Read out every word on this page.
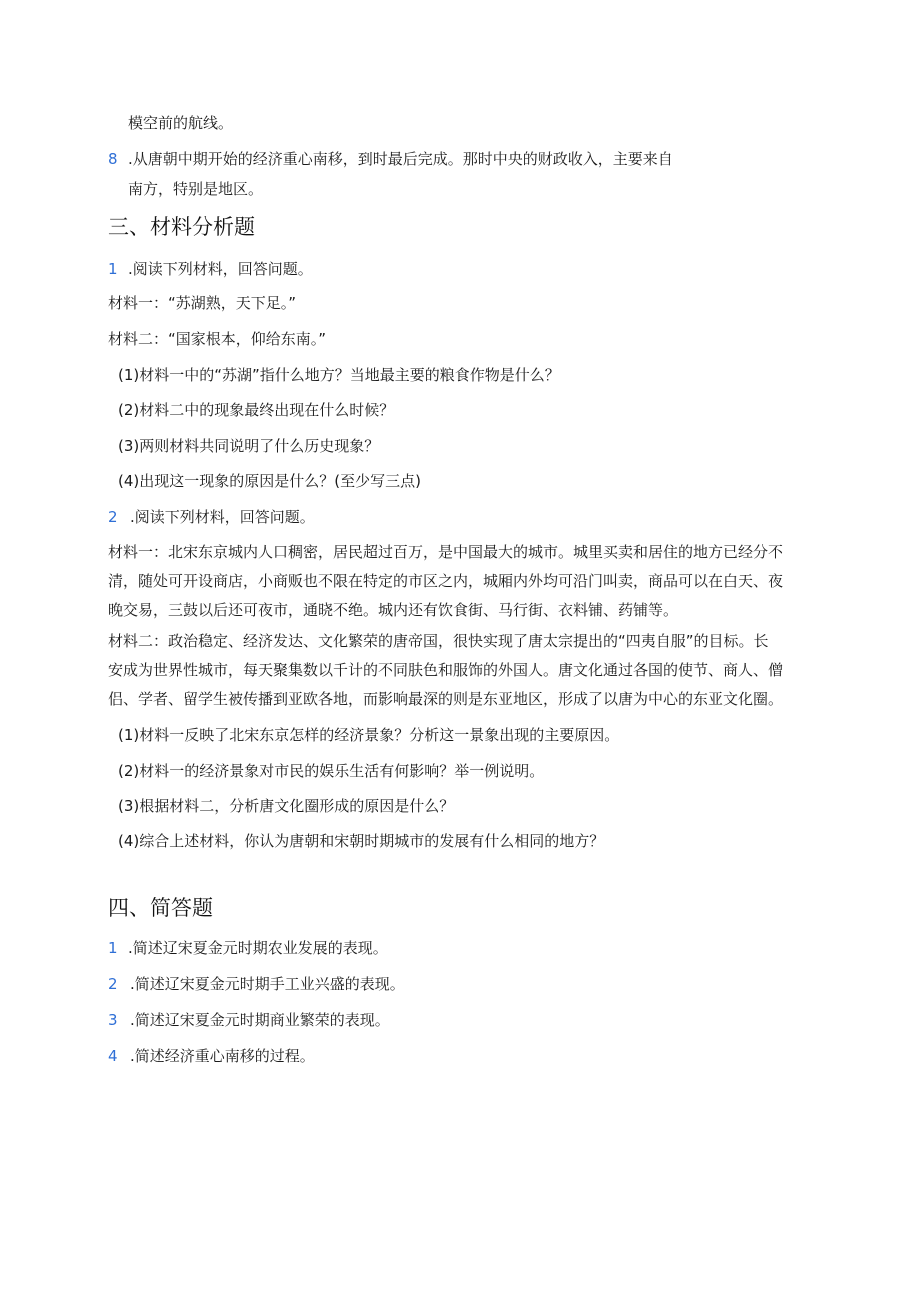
模空前的航线。
8 .从唐朝中期开始的经济重心南移，到时最后完成。那时中央的财政收入，主要来自
南方，特别是地区。
三、材料分析题
1 .阅读下列材料，回答问题。
材料一：“苏湖熟，天下足。”
材料二：“国家根本，仰给东南。”
(1)材料一中的“苏湖”指什么地方？当地最主要的粮食作物是什么？
(2)材料二中的现象最终出现在什么时候？
(3)两则材料共同说明了什么历史现象？
(4)出现这一现象的原因是什么？(至少写三点)
2 .阅读下列材料，回答问题。
材料一：北宋东京城内人口稠密，居民超过百万，是中国最大的城市。城里买卖和居住的地方已经分不
清，随处可开设商店，小商贩也不限在特定的市区之内，城厢内外均可沿门叫卖，商品可以在白天、夜
晚交易，三鼓以后还可夜市，通晓不绝。城内还有饮食街、马行街、衣料铺、药铺等。
材料二：政治稳定、经济发达、文化繁荣的唐帝国，很快实现了唐太宗提出的“四夷自服”的目标。长
安成为世界性城市，每天聚集数以千计的不同肤色和服饰的外国人。唐文化通过各国的使节、商人、僧
侣、学者、留学生被传播到亚欧各地，而影响最深的则是东亚地区，形成了以唐为中心的东亚文化圈。
(1)材料一反映了北宋东京怎样的经济景象？分析这一景象出现的主要原因。
(2)材料一的经济景象对市民的娱乐生活有何影响？举一例说明。
(3)根据材料二，分析唐文化圈形成的原因是什么？
(4)综合上述材料，你认为唐朝和宋朝时期城市的发展有什么相同的地方？
四、简答题
1 .简述辽宋夏金元时期农业发展的表现。
2 .简述辽宋夏金元时期手工业兴盛的表现。
3 .简述辽宋夏金元时期商业繁荣的表现。
4 .简述经济重心南移的过程。
